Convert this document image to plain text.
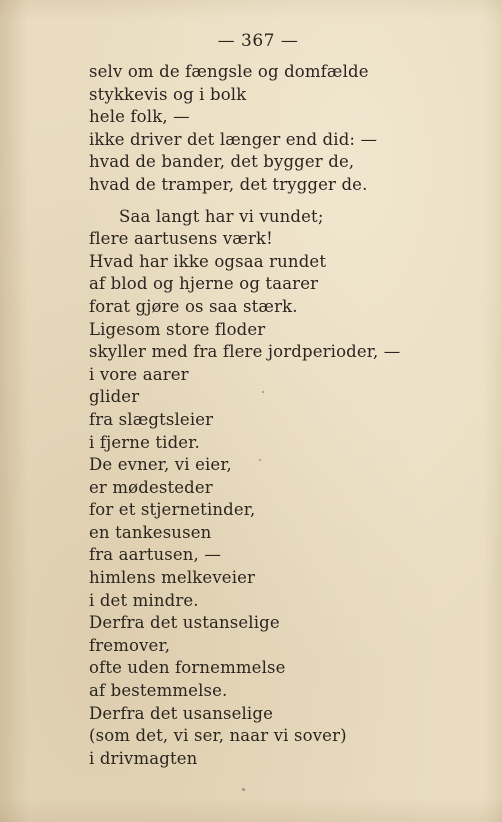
— 367 —
selv om de fængsle og domfælde
stykkevis og i bolk
hele folk, —
ikke driver det længer end did: —
hvad de bander, det bygger de,
hvad de tramper, det trygger de.
Saa langt har vi vundet;
flere aartusens værk!
Hvad har ikke ogsaa rundet
af blod og hjerne og taarer
forat gjøre os saa stærk.
Ligesom store floder
skyller med fra flere jordperioder, —
i vore aarer
glider
fra slægtsleier
i fjerne tider.
De evner, vi eier,
er mødesteder
for et stjernetinder,
en tankesusen
fra aartusen, —
himlens melkeveier
i det mindre.
Derfra det ustanselige
fremover,
ofte uden fornemmelse
af bestemmelse.
Derfra det usanselige
(som det, vi ser, naar vi sover)
i drivmagten
